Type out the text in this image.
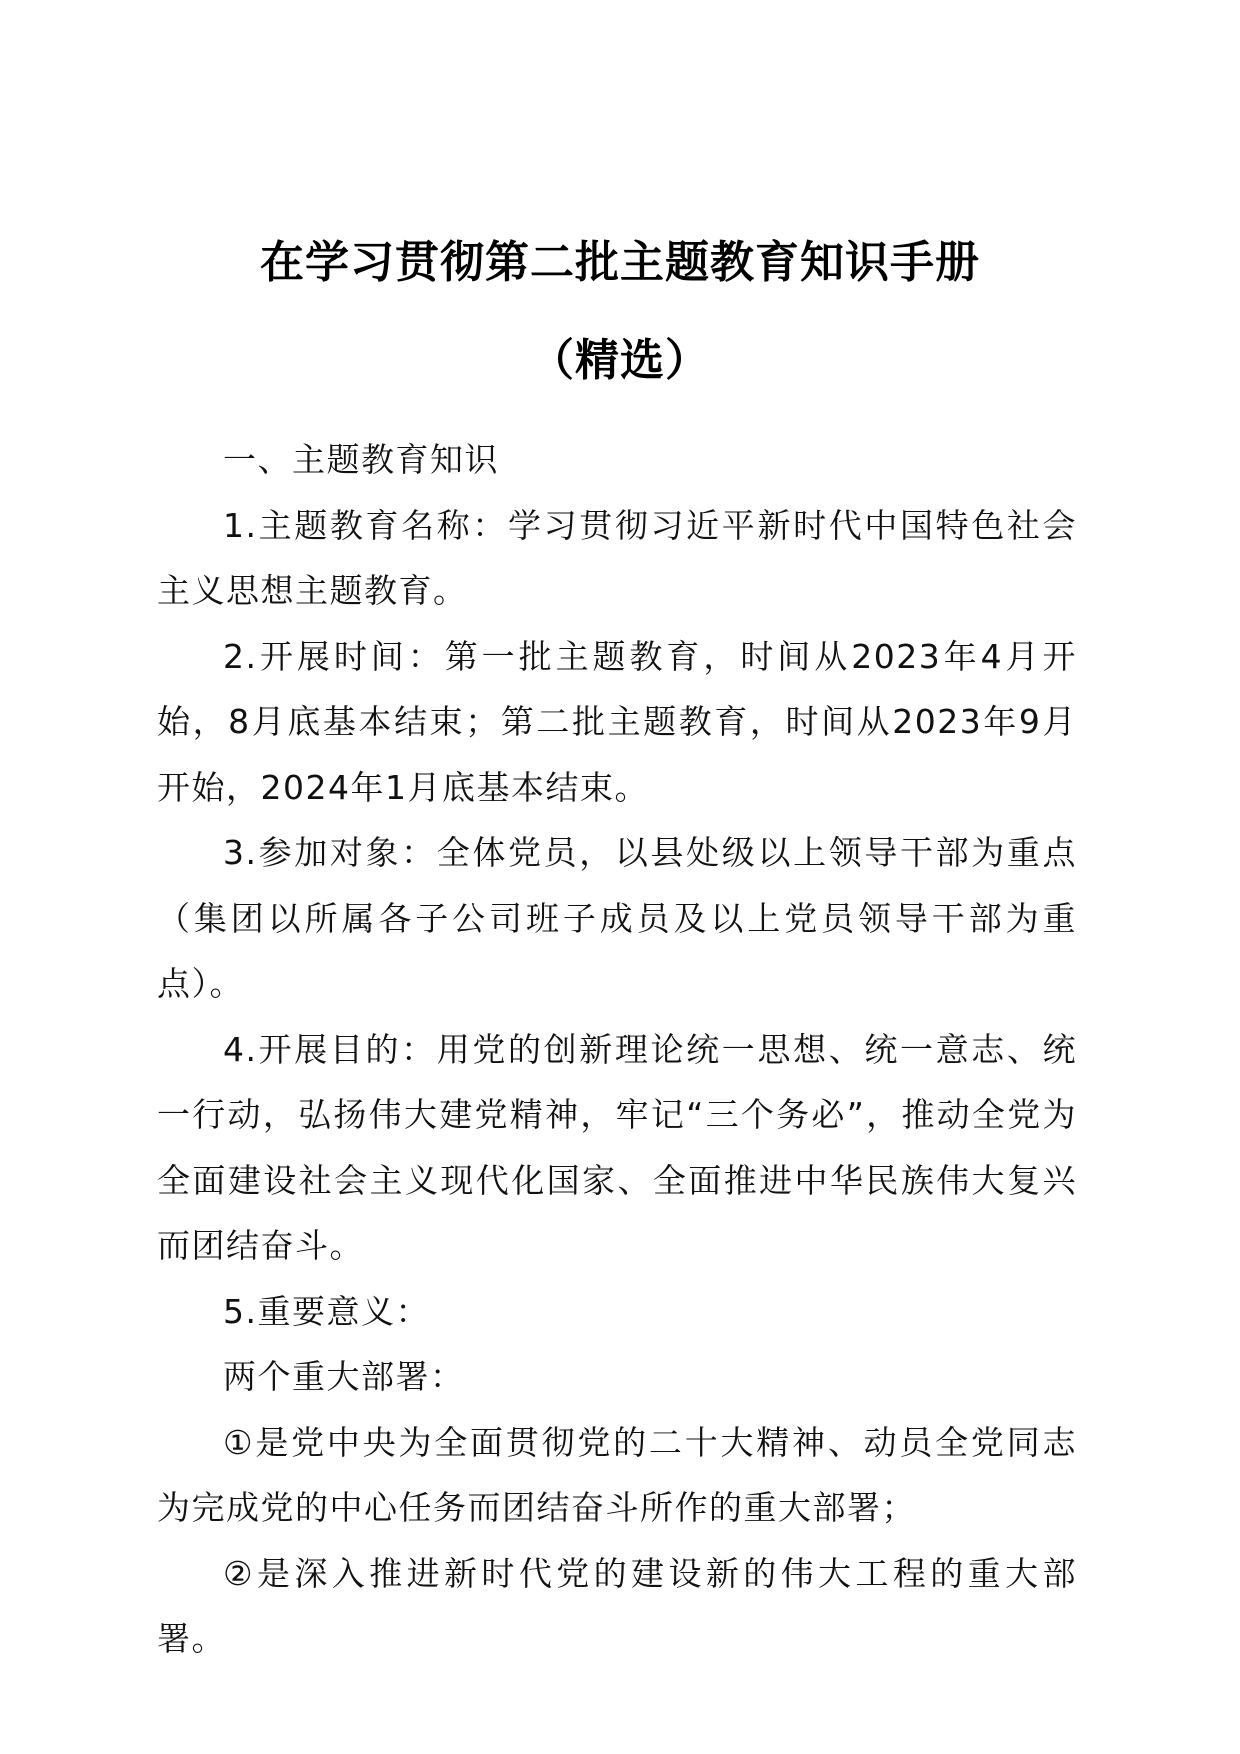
在学习贯彻第二批主题教育知识手册
（精选）

一、主题教育知识

1.主题教育名称：学习贯彻习近平新时代中国特色社会主义思想主题教育。

2.开展时间：第一批主题教育，时间从2023年4月开始，8月底基本结束；第二批主题教育，时间从2023年9月开始，2024年1月底基本结束。

3.参加对象：全体党员，以县处级以上领导干部为重点（集团以所属各子公司班子成员及以上党员领导干部为重点）。

4.开展目的：用党的创新理论统一思想、统一意志、统一行动，弘扬伟大建党精神，牢记“三个务必”，推动全党为全面建设社会主义现代化国家、全面推进中华民族伟大复兴而团结奋斗。

5.重要意义：

两个重大部署：

①是党中央为全面贯彻党的二十大精神、动员全党同志为完成党的中心任务而团结奋斗所作的重大部署；

②是深入推进新时代党的建设新的伟大工程的重大部署。
